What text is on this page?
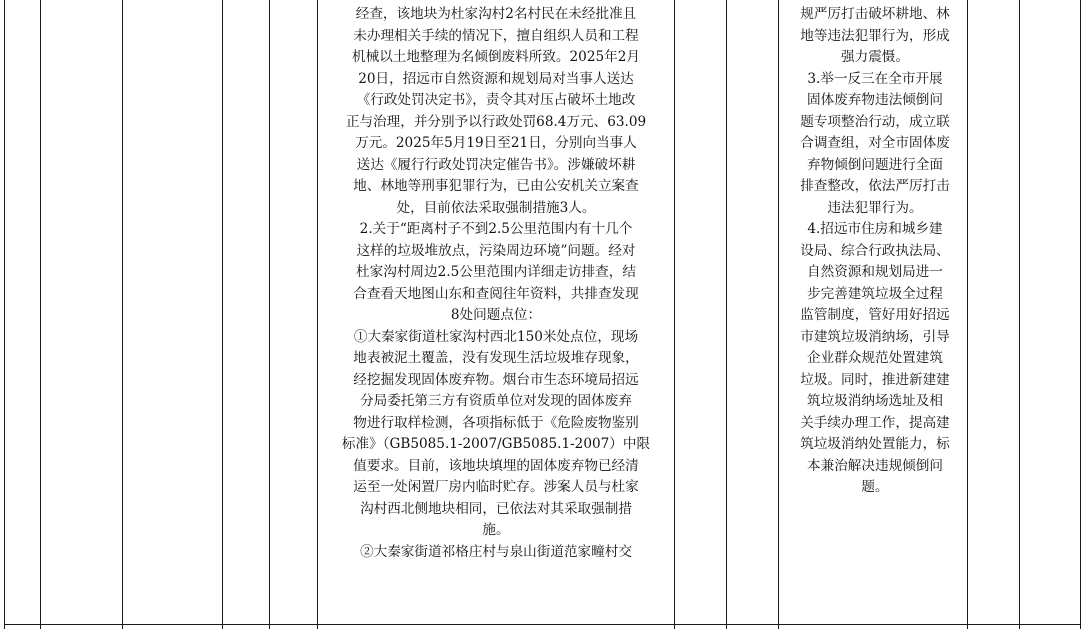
经查，该地块为杜家沟村2名村民在未经批准且
未办理相关手续的情况下，擅自组织人员和工程
机械以土地整理为名倾倒废料所致。2025年2月
20日，招远市自然资源和规划局对当事人送达
《行政处罚决定书》，责令其对压占破坏土地改
正与治理，并分别予以行政处罚68.4万元、63.09
万元。2025年5月19日至21日，分别向当事人
送达《履行行政处罚决定催告书》。涉嫌破坏耕
地、林地等刑事犯罪行为，已由公安机关立案查
处，目前依法采取强制措施3人。
2.关于“距离村子不到2.5公里范围内有十几个
这样的垃圾堆放点，污染周边环境”问题。经对
杜家沟村周边2.5公里范围内详细走访排查，结
合查看天地图山东和查阅往年资料，共排查发现
8处问题点位：
①大秦家街道杜家沟村西北150米处点位，现场
地表被泥土覆盖，没有发现生活垃圾堆存现象，
经挖掘发现固体废弃物。烟台市生态环境局招远
分局委托第三方有资质单位对发现的固体废弃
物进行取样检测，各项指标低于《危险废物鉴别
标准》（GB5085.1-2007/GB5085.1-2007）中限
值要求。目前，该地块填埋的固体废弃物已经清
运至一处闲置厂房内临时贮存。涉案人员与杜家
沟村西北侧地块相同，已依法对其采取强制措
施。
②大秦家街道祁格庄村与泉山街道范家疃村交
规严厉打击破坏耕地、林
地等违法犯罪行为，形成
强力震慑。
3.举一反三在全市开展
固体废弃物违法倾倒问
题专项整治行动，成立联
合调查组，对全市固体废
弃物倾倒问题进行全面
排查整改，依法严厉打击
违法犯罪行为。
4.招远市住房和城乡建
设局、综合行政执法局、
自然资源和规划局进一
步完善建筑垃圾全过程
监管制度，管好用好招远
市建筑垃圾消纳场，引导
企业群众规范处置建筑
垃圾。同时，推进新建建
筑垃圾消纳场选址及相
关手续办理工作，提高建
筑垃圾消纳处置能力，标
本兼治解决违规倾倒问
题。
